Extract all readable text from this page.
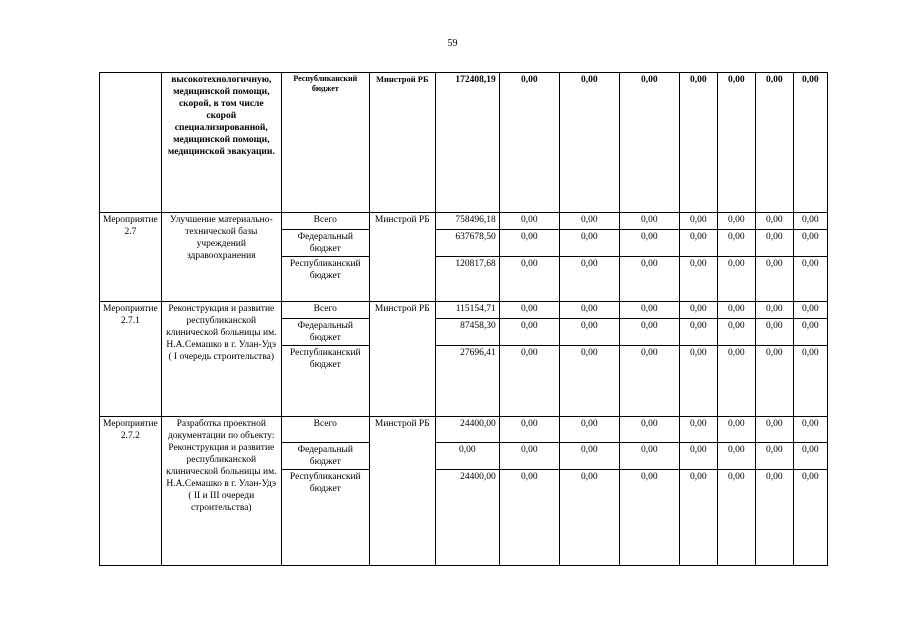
59
	высокотехнологичную, медицинской помощи, скорой, в том числе скорой специализированной, медицинской помощи, медицинской эвакуации.	Республиканский бюджет	Минстрой РБ	172408,19	0,00	0,00	0,00	0,00	0,00	0,00	0,00
Мероприятие 2.7	Улучшение материально-технической базы учреждений здравоохранения	Всего	Минстрой РБ	758496,18	0,00	0,00	0,00	0,00	0,00	0,00	0,00
		Федеральный бюджет		637678,50	0,00	0,00	0,00	0,00	0,00	0,00	0,00
		Республиканский бюджет		120817,68	0,00	0,00	0,00	0,00	0,00	0,00	0,00
Мероприятие 2.7.1	Реконструкция и развитие республиканской клинической больницы им. Н.А.Семашко в г. Улан-Удэ ( I очередь строительства)	Всего	Минстрой РБ	115154,71	0,00	0,00	0,00	0,00	0,00	0,00	0,00
		Федеральный бюджет		87458,30	0,00	0,00	0,00	0,00	0,00	0,00	0,00
		Республиканский бюджет		27696,41	0,00	0,00	0,00	0,00	0,00	0,00	0,00
Мероприятие 2.7.2	Разработка проектной документации по объекту: Реконструкция и развитие республиканской клинической больницы им. Н.А.Семашко в г. Улан-Удэ ( II и III очереди строительства)	Всего	Минстрой РБ	24400,00	0,00	0,00	0,00	0,00	0,00	0,00	0,00
		Федеральный бюджет		0,00	0,00	0,00	0,00	0,00	0,00	0,00	0,00
		Республиканский бюджет		24400,00	0,00	0,00	0,00	0,00	0,00	0,00	0,00
